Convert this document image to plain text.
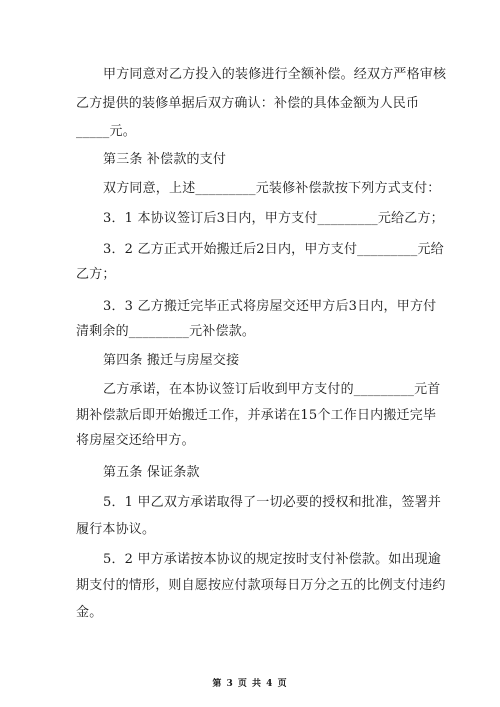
甲方同意对乙方投入的装修进行全额补偿。经双方严格审核
乙方提供的装修单据后双方确认：补偿的具体金额为人民币
_____元。
第三条 补偿款的支付
双方同意，上述_________元装修补偿款按下列方式支付：
3．1 本协议签订后3日内，甲方支付_________元给乙方；
3．2 乙方正式开始搬迁后2日内，甲方支付_________元给
乙方；
3．3 乙方搬迁完毕正式将房屋交还甲方后3日内，甲方付
清剩余的_________元补偿款。
第四条 搬迁与房屋交接
乙方承诺，在本协议签订后收到甲方支付的_________元首
期补偿款后即开始搬迁工作，并承诺在15个工作日内搬迁完毕
将房屋交还给甲方。
第五条 保证条款
5．1 甲乙双方承诺取得了一切必要的授权和批准，签署并
履行本协议。
5．2 甲方承诺按本协议的规定按时支付补偿款。如出现逾
期支付的情形，则自愿按应付款项每日万分之五的比例支付违约
金。
第 3 页 共 4 页
